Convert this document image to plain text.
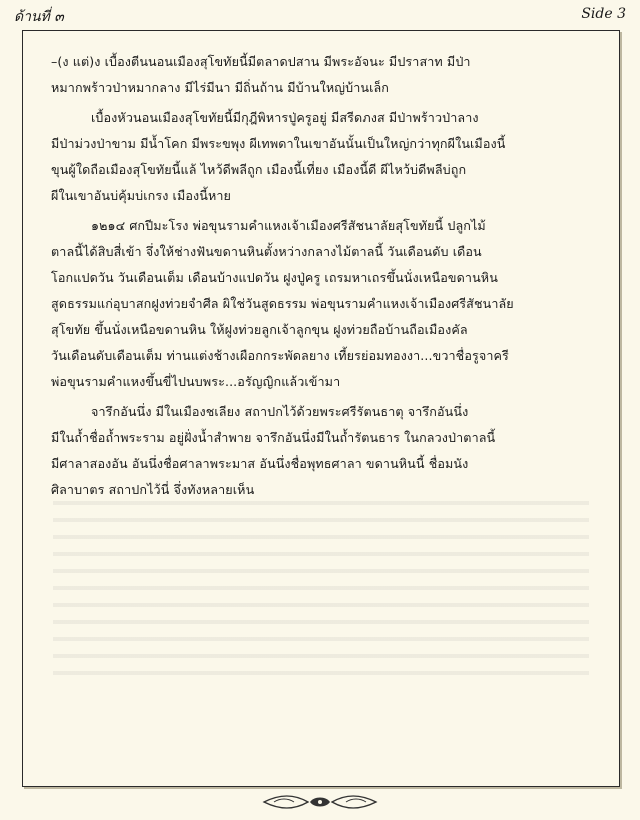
ด้านที่ ๓	Side 3

–(ง แต่)ง เบื้องตีนนอนเมืองสุโขทัยนี้มีตลาดปสาน มีพระอัจนะ มีปราสาท มีป่า
หมากพร้าวป่าหมากลาง มีไร่มีนา มีถิ่นถ้าน มีบ้านใหญ่บ้านเล็ก

เบื้องหัวนอนเมืองสุโขทัยนี้มีกุฎีพิหารปู่ครูอยู่ มีสรีดภงส มีป่าพร้าวป่าลาง
มีป่าม่วงป่าขาม มีน้ำโคก มีพระขพุง ผีเทพดาในเขาอันนั้นเป็นใหญ่กว่าทุกผีในเมืองนี้
ขุนผู้ใดถือเมืองสุโขทัยนี้แล้ ไหว้ดีพลีถูก เมืองนี้เที่ยง เมืองนี้ดี ผีไหว้บ่ดีพลีบ่ถูก
ผีในเขาอันบ่คุ้มบ่เกรง เมืองนี้หาย

๑๒๑๔ ศกปีมะโรง พ่อขุนรามคำแหงเจ้าเมืองศรีสัชนาลัยสุโขทัยนี้ ปลูกไม้
ตาลนี้ได้สิบสี่เข้า จึ่งให้ช่างฟันขดานหินตั้งหว่างกลางไม้ตาลนี้ วันเดือนดับ เดือน
โอกแปดวัน วันเดือนเต็ม เดือนบ้างแปดวัน ฝูงปู่ครู เถรมหาเถรขึ้นนั่งเหนือขดานหิน
สูดธรรมแก่อุบาสกฝูงท่วยจำศีล ผิใช่วันสูดธรรม พ่อขุนรามคำแหงเจ้าเมืองศรีสัชนาลัย
สุโขทัย ขึ้นนั่งเหนือขดานหิน ให้ฝูงท่วยลูกเจ้าลูกขุน ฝูงท่วยถือบ้านถือเมืองคัล
วันเดือนดับเดือนเต็ม ท่านแต่งช้างเผือกกระพัดลยาง เที้ยรย่อมทองงา...ขวาชื่อรูจาครี
พ่อขุนรามคำแหงขึ้นขี่ไปนบพระ...อรัญญิกแล้วเข้ามา

จารึกอันนึ่ง มีในเมืองชเลียง สถาปกไว้ด้วยพระศรีรัตนธาตุ จารึกอันนึ่ง
มีในถ้ำชื่อถ้ำพระราม อยู่ฝั่งน้ำสำพาย จารึกอันนึ่งมีในถ้ำรัตนธาร ในกลวงป่าตาลนี้
มีศาลาสองอัน อันนึ่งชื่อศาลาพระมาส อันนึ่งชื่อพุทธศาลา ขดานหินนี้ ชื่อมนัง
ศิลาบาตร สถาปกไว้นี่ จึ่งทังหลายเห็น
